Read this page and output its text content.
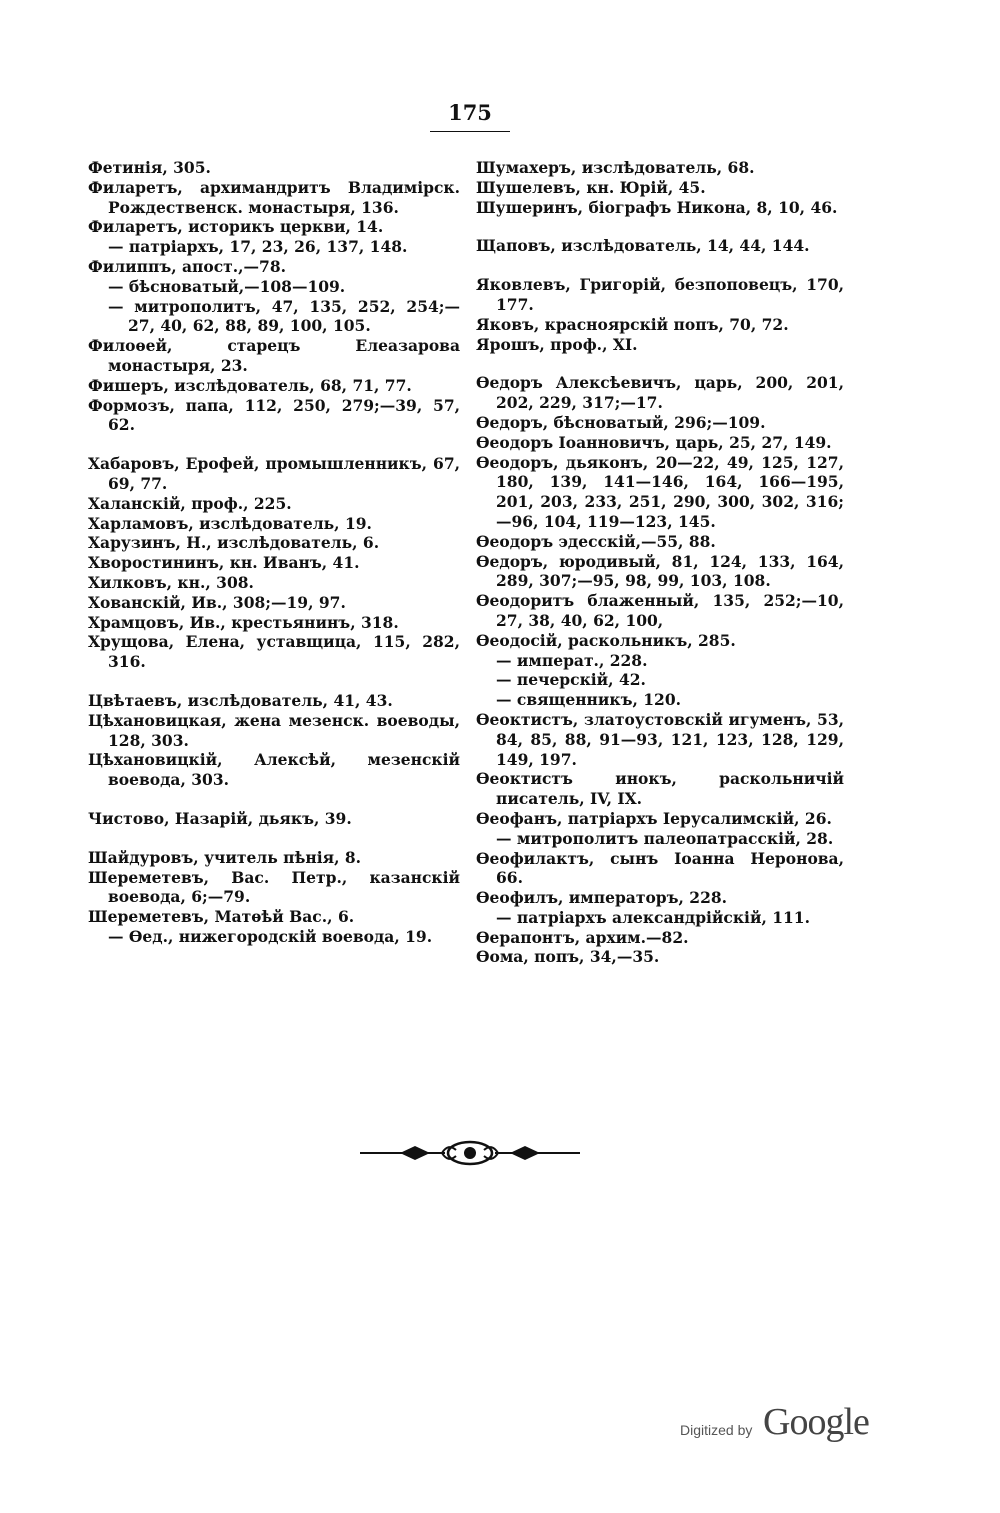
175
Фетинія, 305.
Филаретъ, архимандритъ Владимірск. Рождественск. монастыря, 136.
Филаретъ, историкъ церкви, 14.
— патріархъ, 17, 23, 26, 137, 148.
Филиппъ, апост.,—78.
— бѣсноватый,—108—109.
— митрополитъ, 47, 135, 252, 254;—27, 40, 62, 88, 89, 100, 105.
Филоѳей, старецъ Елеазарова монастыря, 23.
Фишеръ, изслѣдователь, 68, 71, 77.
Формозъ, папа, 112, 250, 279;—39, 57, 62.
Хабаровъ, Ерофей, промышленникъ, 67, 69, 77.
Халанскій, проф., 225.
Харламовъ, изслѣдователь, 19.
Харузинъ, Н., изслѣдователь, 6.
Хворостининъ, кн. Иванъ, 41.
Хилковъ, кн., 308.
Хованскій, Ив., 308;—19, 97.
Храмцовъ, Ив., крестьянинъ, 318.
Хрущова, Елена, уставщица, 115, 282, 316.
Цвѣтаевъ, изслѣдователь, 41, 43.
Цѣхановицкая, жена мезенск. воеводы, 128, 303.
Цѣхановицкій, Алексѣй, мезенскій воевода, 303.
Чистово, Назарій, дьякъ, 39.
Шайдуровъ, учитель пѣнія, 8.
Шереметевъ, Вас. Петр., казанскій воевода, 6;—79.
Шереметевъ, Матѳѣй Вас., 6.
— Ѳед., нижегородскій воевода, 19.
Шумахеръ, изслѣдователь, 68.
Шушелевъ, кн. Юрій, 45.
Шушеринъ, біографъ Никона, 8, 10, 46.
Щаповъ, изслѣдователь, 14, 44, 144.
Яковлевъ, Григорій, безпоповецъ, 170, 177.
Яковъ, красноярскій попъ, 70, 72.
Ярошъ, проф., XI.
Ѳедоръ Алексѣевичъ, царь, 200, 201, 202, 229, 317;—17.
Ѳедоръ, бѣсноватый, 296;—109.
Ѳеодоръ Іоанновичъ, царь, 25, 27, 149.
Ѳеодоръ, дьяконъ, 20—22, 49, 125, 127, 180, 139, 141—146, 164, 166—195, 201, 203, 233, 251, 290, 300, 302, 316;—96, 104, 119—123, 145.
Ѳеодоръ эдесскій,—55, 88.
Ѳедоръ, юродивый, 81, 124, 133, 164, 289, 307;—95, 98, 99, 103, 108.
Ѳеодоритъ блаженный, 135, 252;—10, 27, 38, 40, 62, 100,
Ѳеодосій, раскольникъ, 285.
— императ., 228.
— печерскій, 42.
— священникъ, 120.
Ѳеоктистъ, златоустовскій игуменъ, 53, 84, 85, 88, 91—93, 121, 123, 128, 129, 149, 197.
Ѳеоктистъ инокъ, раскольничій писатель, IV, IX.
Ѳеофанъ, патріархъ Іерусалимскій, 26.
— митрополитъ палеопатрасскій, 28.
Ѳеофилактъ, сынъ Іоанна Неронова, 66.
Ѳеофилъ, императоръ, 228.
— патріархъ александрійскій, 111.
Ѳерапонтъ, архим.—82.
Ѳома, попъ, 34,—35.
Digitized by Google
